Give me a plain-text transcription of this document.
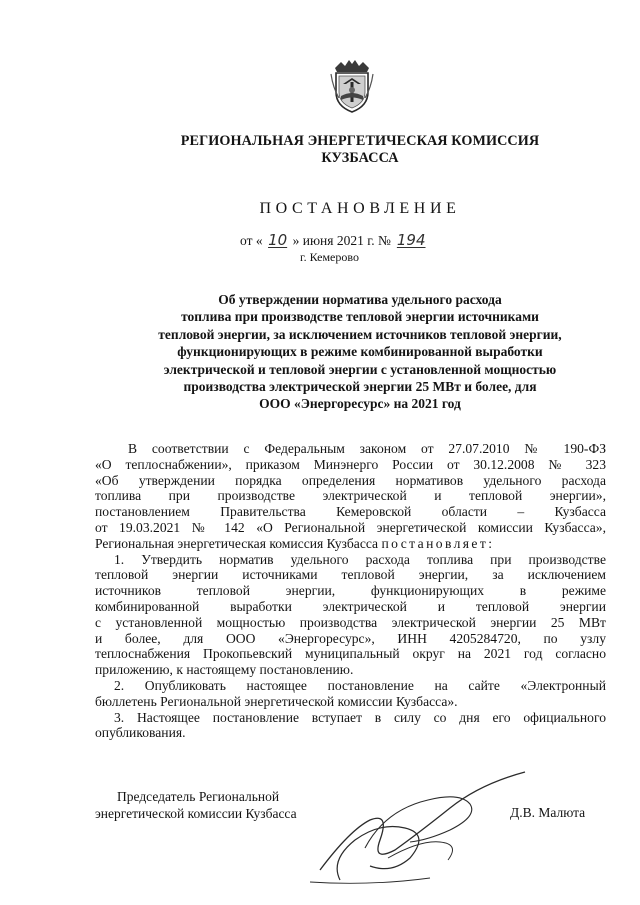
РЕГИОНАЛЬНАЯ ЭНЕРГЕТИЧЕСКАЯ КОМИССИЯ
КУЗБАССА
ПОСТАНОВЛЕНИЕ
от « 10 » июня 2021 г. № 194
г. Кемерово
Об утверждении норматива удельного расхода
топлива при производстве тепловой энергии источниками
тепловой энергии, за исключением источников тепловой энергии,
функционирующих в режиме комбинированной выработки
электрической и тепловой энергии с установленной мощностью
производства электрической энергии 25 МВт и более, для
ООО «Энергоресурс» на 2021 год
В соответствии с Федеральным законом от 27.07.2010 № 190-ФЗ
«О теплоснабжении», приказом Минэнерго России от 30.12.2008 № 323
«Об утверждении порядка определения нормативов удельного расхода
топлива при производстве электрической и тепловой энергии»,
постановлением Правительства Кемеровской области – Кузбасса
от 19.03.2021 № 142 «О Региональной энергетической комиссии Кузбасса»,
Региональная энергетическая комиссия Кузбасса постановляет:
1. Утвердить норматив удельного расхода топлива при производстве
тепловой энергии источниками тепловой энергии, за исключением
источников тепловой энергии, функционирующих в режиме
комбинированной выработки электрической и тепловой энергии
с установленной мощностью производства электрической энергии 25 МВт
и более, для ООО «Энергоресурс», ИНН 4205284720, по узлу
теплоснабжения Прокопьевский муниципальный округ на 2021 год согласно
приложению, к настоящему постановлению.
2. Опубликовать настоящее постановление на сайте «Электронный
бюллетень Региональной энергетической комиссии Кузбасса».
3. Настоящее постановление вступает в силу со дня его официального
опубликования.
Председатель Региональной
энергетической комиссии Кузбасса	Д.В. Малюта
